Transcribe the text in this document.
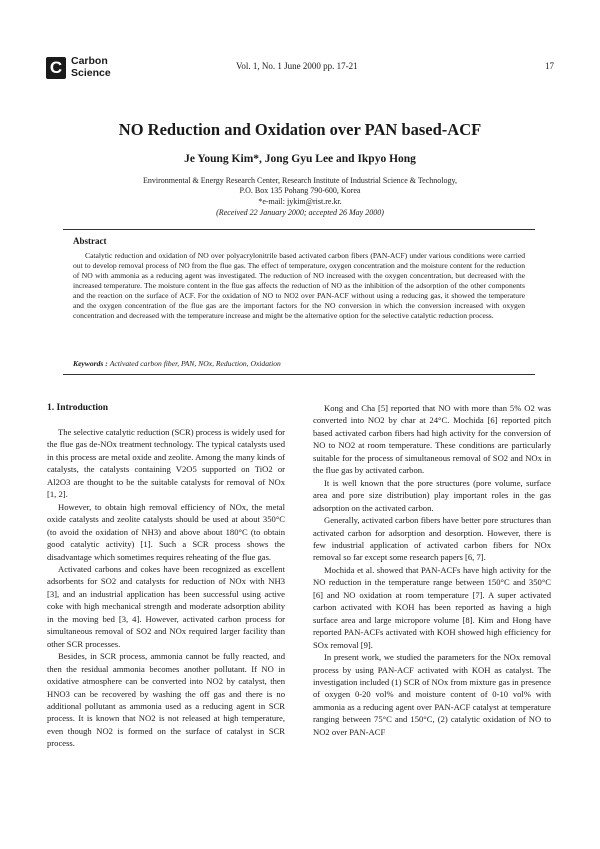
C Carbon
Science
Vol. 1, No. 1 June 2000 pp. 17-21	17
NO Reduction and Oxidation over PAN based-ACF
Je Young Kim*, Jong Gyu Lee and Ikpyo Hong
Environmental & Energy Research Center, Research Institute of Industrial Science & Technology,
P.O. Box 135 Pohang 790-600, Korea
*e-mail: jykim@rist.re.kr.
(Received 22 January 2000; accepted 26 May 2000)
Abstract

Catalytic reduction and oxidation of NO over polyacrylonitrile based activated carbon fibers (PAN-ACF) under various conditions were carried out to develop removal process of NO from the flue gas. The effect of temperature, oxygen concentration and the moisture content for the reduction of NO with ammonia as a reducing agent was investigated. The reduction of NO increased with the oxygen concentration, but decreased with the increased temperature. The moisture content in the flue gas affects the reduction of NO as the inhibition of the adsorption of the other components and the reaction on the surface of ACF. For the oxidation of NO to NO2 over PAN-ACF without using a reducing gas, it showed the temperature and the oxygen concentration of the flue gas are the important factors for the NO conversion in which the conversion increased with oxygen concentration and decreased with the temperature increase and might be the alternative option for the selective catalytic reduction process.

Keywords : Activated carbon fiber, PAN, NOx, Reduction, Oxidation

1. Introduction

The selective catalytic reduction (SCR) process is widely used for the flue gas de-NOx treatment technology. The typical catalysts used in this process are metal oxide and zeolite. Among the many kinds of catalysts, the catalysts containing V2O5 supported on TiO2 or Al2O3 are thought to be the suitable catalysts for removal of NOx [1, 2].

However, to obtain high removal efficiency of NOx, the metal oxide catalysts and zeolite catalysts should be used at about 350°C (to avoid the oxidation of NH3) and above about 180°C (to obtain good catalytic activity) [1]. Such a SCR process shows the disadvantage which sometimes requires reheating of the flue gas.

Activated carbons and cokes have been recognized as excellent adsorbents for SO2 and catalysts for reduction of NOx with NH3 [3], and an industrial application has been successful using active coke with high mechanical strength and moderate adsorption ability in the moving bed [3, 4]. However, activated carbon process for simultaneous removal of SO2 and NOx required larger facility than other SCR processes.

Besides, in SCR process, ammonia cannot be fully reacted, and then the residual ammonia becomes another pollutant. If NO in oxidative atmosphere can be converted into NO2 by catalyst, then HNO3 can be recovered by washing the off gas and there is no additional pollutant as ammonia used as a reducing agent in SCR process. It is known that NO2 is not released at high temperature, even though NO2 is formed on the surface of catalyst in SCR process.

Kong and Cha [5] reported that NO with more than 5% O2 was converted into NO2 by char at 24°C. Mochida [6] reported pitch based activated carbon fibers had high activity for the conversion of NO to NO2 at room temperature. These conditions are particularly suitable for the process of simultaneous removal of SO2 and NOx in the flue gas by activated carbon.

It is well known that the pore structures (pore volume, surface area and pore size distribution) play important roles in the gas adsorption on the activated carbon.

Generally, activated carbon fibers have better pore structures than activated carbon for adsorption and desorption. However, there is few industrial application of activated carbon fibers for NOx removal so far except some research papers [6, 7].

Mochida et al. showed that PAN-ACFs have high activity for the NO reduction in the temperature range between 150°C and 350°C [6] and NO oxidation at room temperature [7]. A super activated carbon activated with KOH has been reported as having a high surface area and large micropore volume [8]. Kim and Hong have reported PAN-ACFs activated with KOH showed high efficiency for SOx removal [9].

In present work, we studied the parameters for the NOx removal process by using PAN-ACF activated with KOH as catalyst. The investigation included (1) SCR of NOx from mixture gas in presence of oxygen 0-20 vol% and moisture content of 0-10 vol% with ammonia as a reducing agent over PAN-ACF catalyst at temperature ranging between 75°C and 150°C, (2) catalytic oxidation of NO to NO2 over PAN-ACF
